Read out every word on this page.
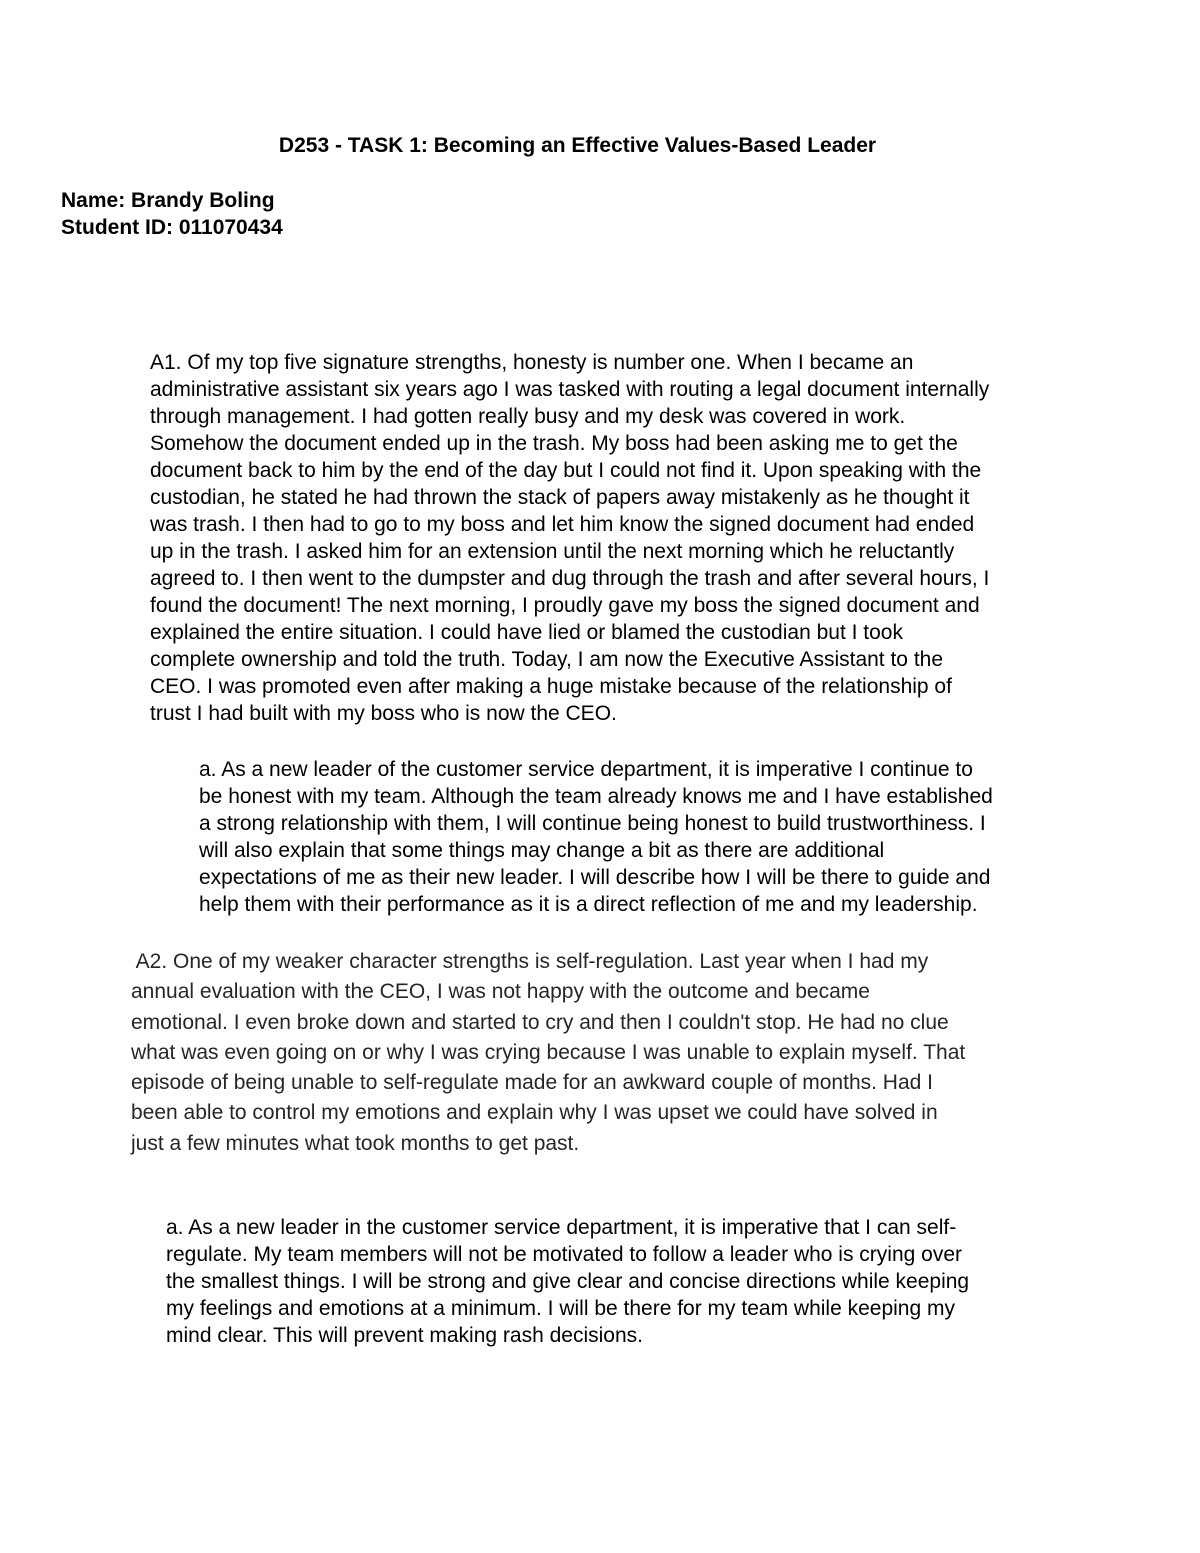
D253 - TASK 1: Becoming an Effective Values-Based Leader
Name: Brandy Boling
Student ID: 011070434

A1. Of my top five signature strengths, honesty is number one. When I became an
administrative assistant six years ago I was tasked with routing a legal document internally
through management. I had gotten really busy and my desk was covered in work.
Somehow the document ended up in the trash. My boss had been asking me to get the
document back to him by the end of the day but I could not find it. Upon speaking with the
custodian, he stated he had thrown the stack of papers away mistakenly as he thought it
was trash. I then had to go to my boss and let him know the signed document had ended
up in the trash. I asked him for an extension until the next morning which he reluctantly
agreed to. I then went to the dumpster and dug through the trash and after several hours, I
found the document! The next morning, I proudly gave my boss the signed document and
explained the entire situation. I could have lied or blamed the custodian but I took
complete ownership and told the truth. Today, I am now the Executive Assistant to the
CEO. I was promoted even after making a huge mistake because of the relationship of
trust I had built with my boss who is now the CEO.

a. As a new leader of the customer service department, it is imperative I continue to
be honest with my team. Although the team already knows me and I have established
a strong relationship with them, I will continue being honest to build trustworthiness. I
will also explain that some things may change a bit as there are additional
expectations of me as their new leader. I will describe how I will be there to guide and
help them with their performance as it is a direct reflection of me and my leadership.

A2. One of my weaker character strengths is self-regulation. Last year when I had my
annual evaluation with the CEO, I was not happy with the outcome and became
emotional. I even broke down and started to cry and then I couldn't stop. He had no clue
what was even going on or why I was crying because I was unable to explain myself. That
episode of being unable to self-regulate made for an awkward couple of months. Had I
been able to control my emotions and explain why I was upset we could have solved in
just a few minutes what took months to get past.

a. As a new leader in the customer service department, it is imperative that I can self-
regulate. My team members will not be motivated to follow a leader who is crying over
the smallest things. I will be strong and give clear and concise directions while keeping
my feelings and emotions at a minimum. I will be there for my team while keeping my
mind clear. This will prevent making rash decisions.
